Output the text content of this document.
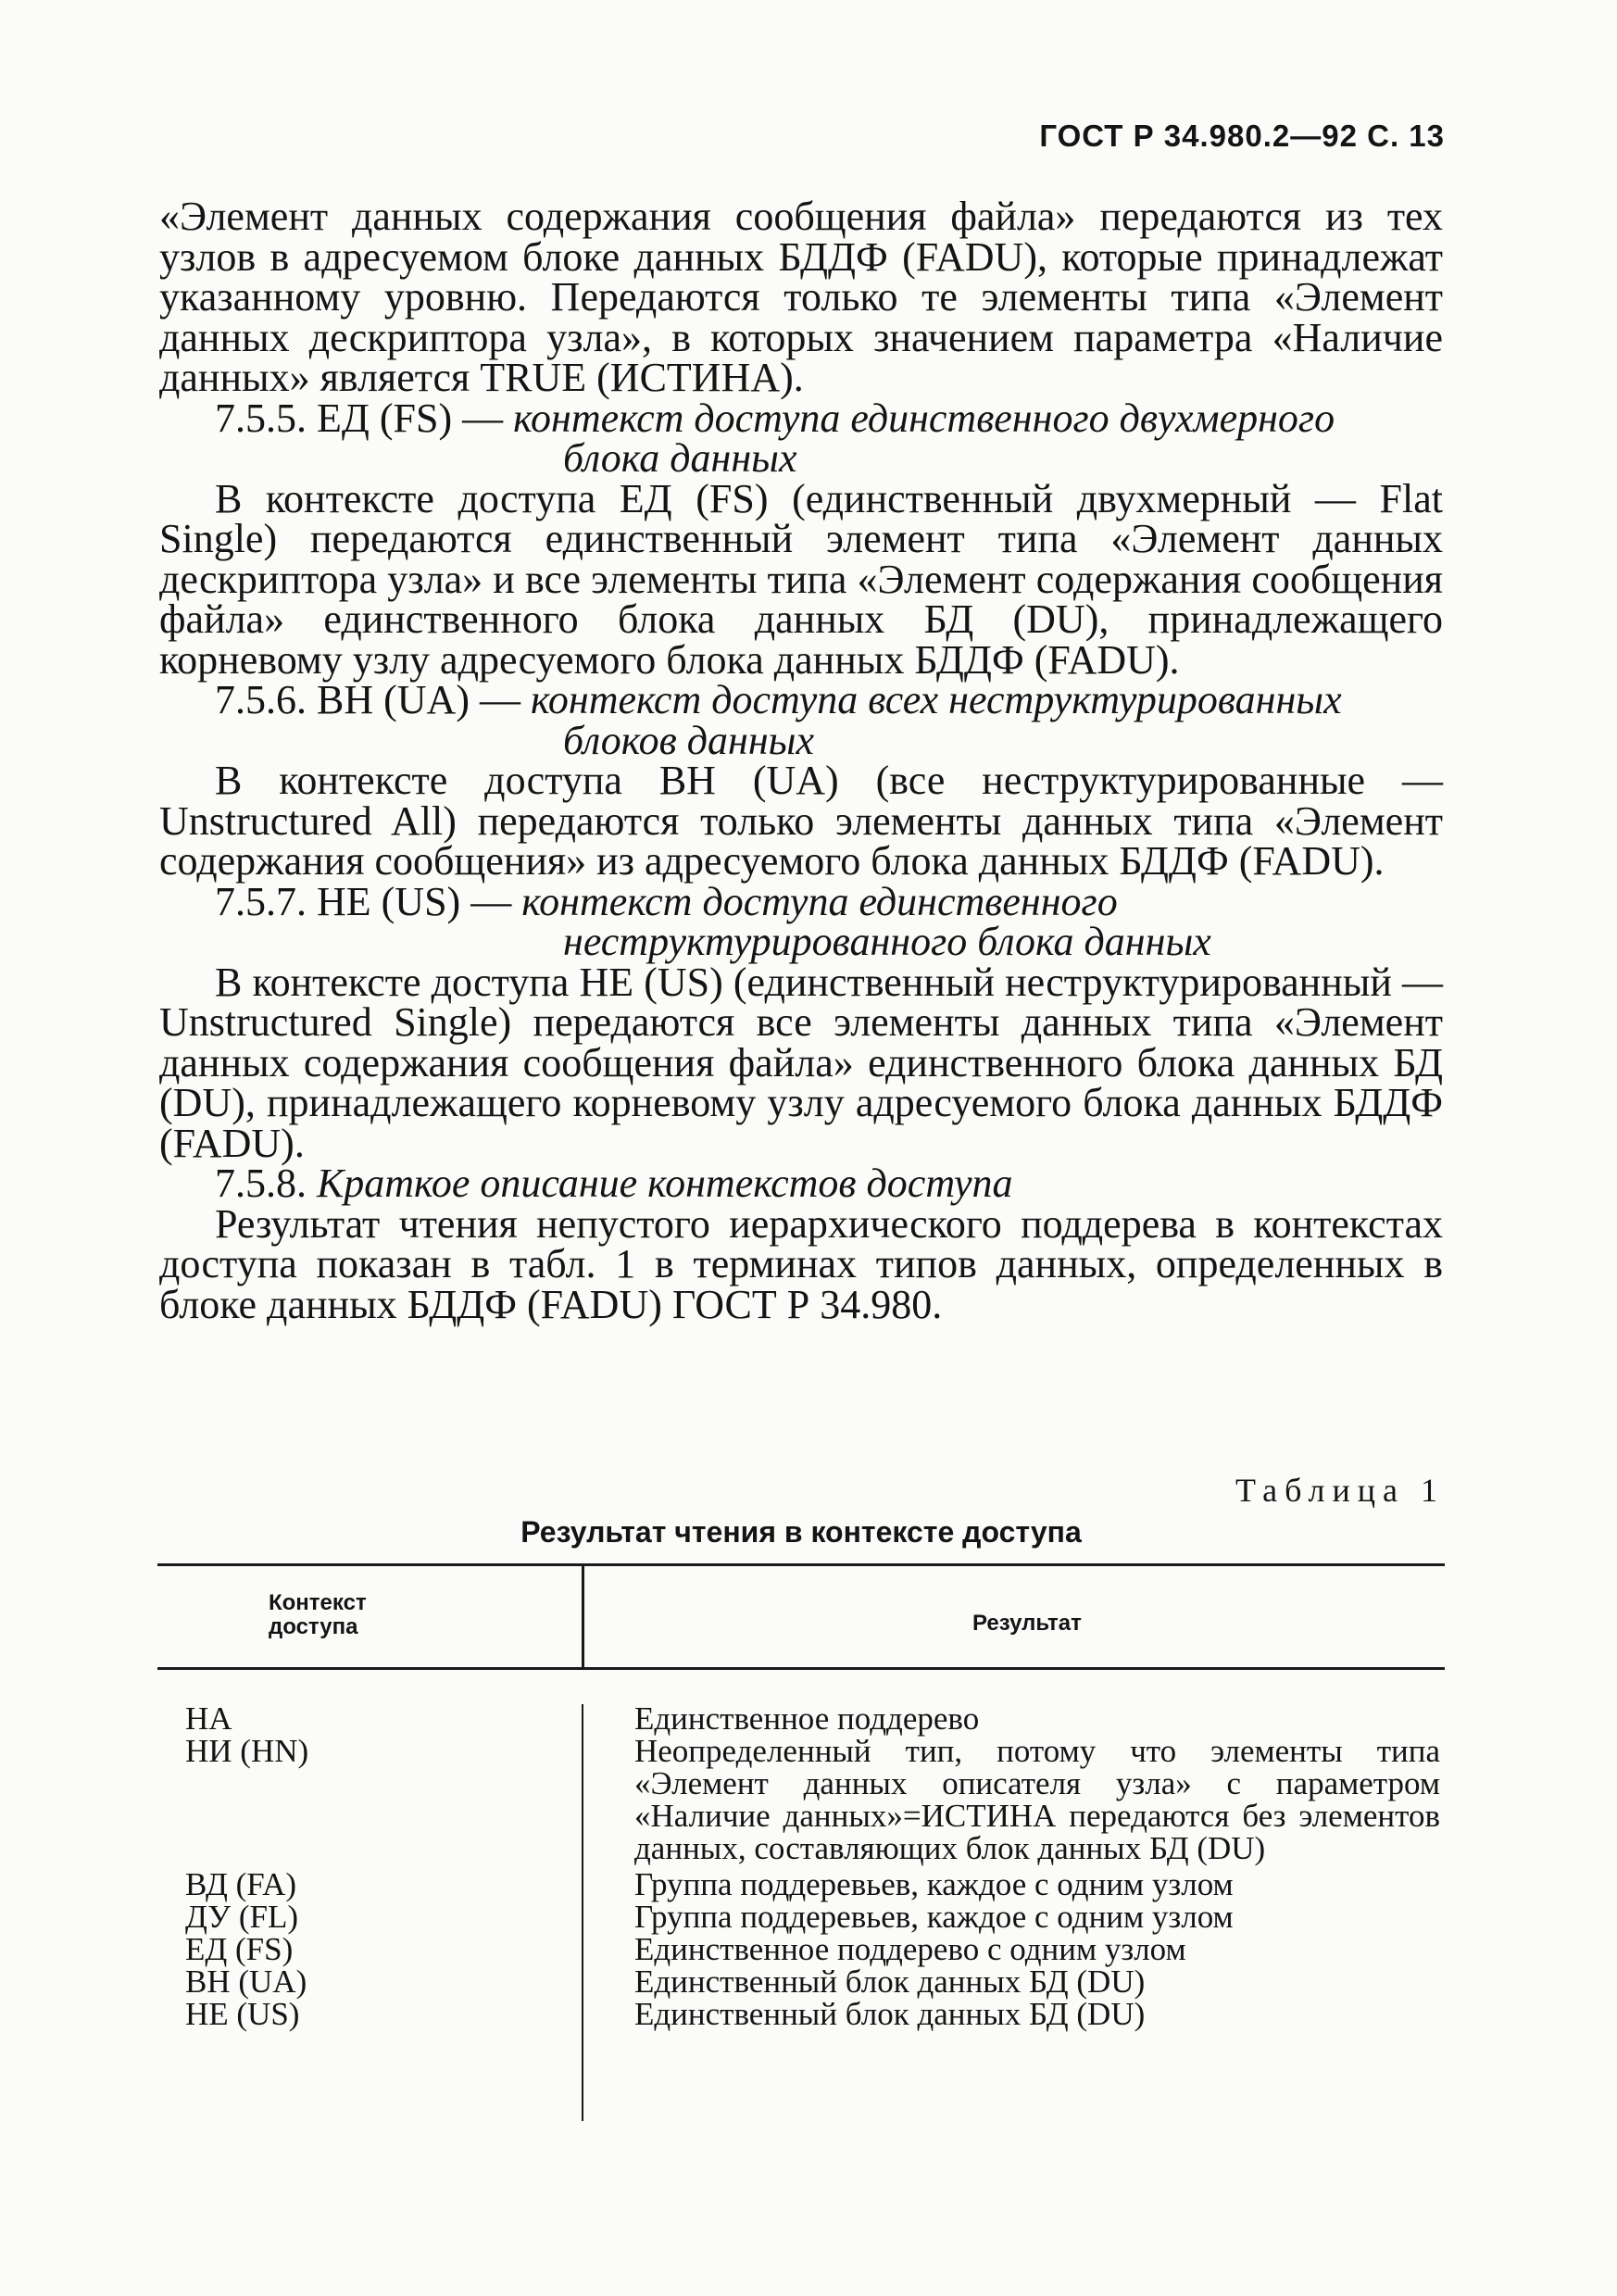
ГОСТ Р 34.980.2—92 С. 13

«Элемент данных содержания сообщения файла» передаются из тех узлов в адресуемом блоке данных БДДФ (FADU), которые принадлежат указанному уровню. Передаются только те элементы типа «Элемент данных дескриптора узла», в которых значением параметра «Наличие данных» является TRUE (ИСТИНА).

7.5.5. ЕД (FS) — контекст доступа единственного двухмерного
блока данных

В контексте доступа ЕД (FS) (единственный двухмерный — Flat Single) передаются единственный элемент типа «Элемент данных дескриптора узла» и все элементы типа «Элемент содержания сообщения файла» единственного блока данных БД (DU), принадлежащего корневому узлу адресуемого блока данных БДДФ (FADU).

7.5.6. ВН (UA) — контекст доступа всех неструктурированных
блоков данных

В контексте доступа ВН (UA) (все неструктурированные — Unstructured All) передаются только элементы данных типа «Элемент содержания сообщения» из адресуемого блока данных БДДФ (FADU).

7.5.7. НЕ (US) — контекст доступа единственного
неструктурированного блока данных

В контексте доступа НЕ (US) (единственный неструктурированный — Unstructured Single) передаются все элементы данных типа «Элемент данных содержания сообщения файла» единственного блока данных БД (DU), принадлежащего корневому узлу адресуемого блока данных БДДФ (FADU).

7.5.8. Краткое описание контекстов доступа

Результат чтения непустого иерархического поддерева в контекстах доступа показан в табл. 1 в терминах типов данных, определенных в блоке данных БДДФ (FADU) ГОСТ Р 34.980.

Таблица 1
Результат чтения в контексте доступа
Контекст доступа	Результат
НА	Единственное поддерево
НИ (HN)	Неопределенный тип, потому что элементы типа «Элемент данных описателя узла» с параметром «Наличие данных»=ИСТИНА передаются без элементов данных, составляющих блок данных БД (DU)
ВД (FA)	Группа поддеревьев, каждое с одним узлом
ДУ (FL)	Группа поддеревьев, каждое с одним узлом
ЕД (FS)	Единственное поддерево с одним узлом
ВН (UA)	Единственный блок данных БД (DU)
НЕ (US)	Единственный блок данных БД (DU)
